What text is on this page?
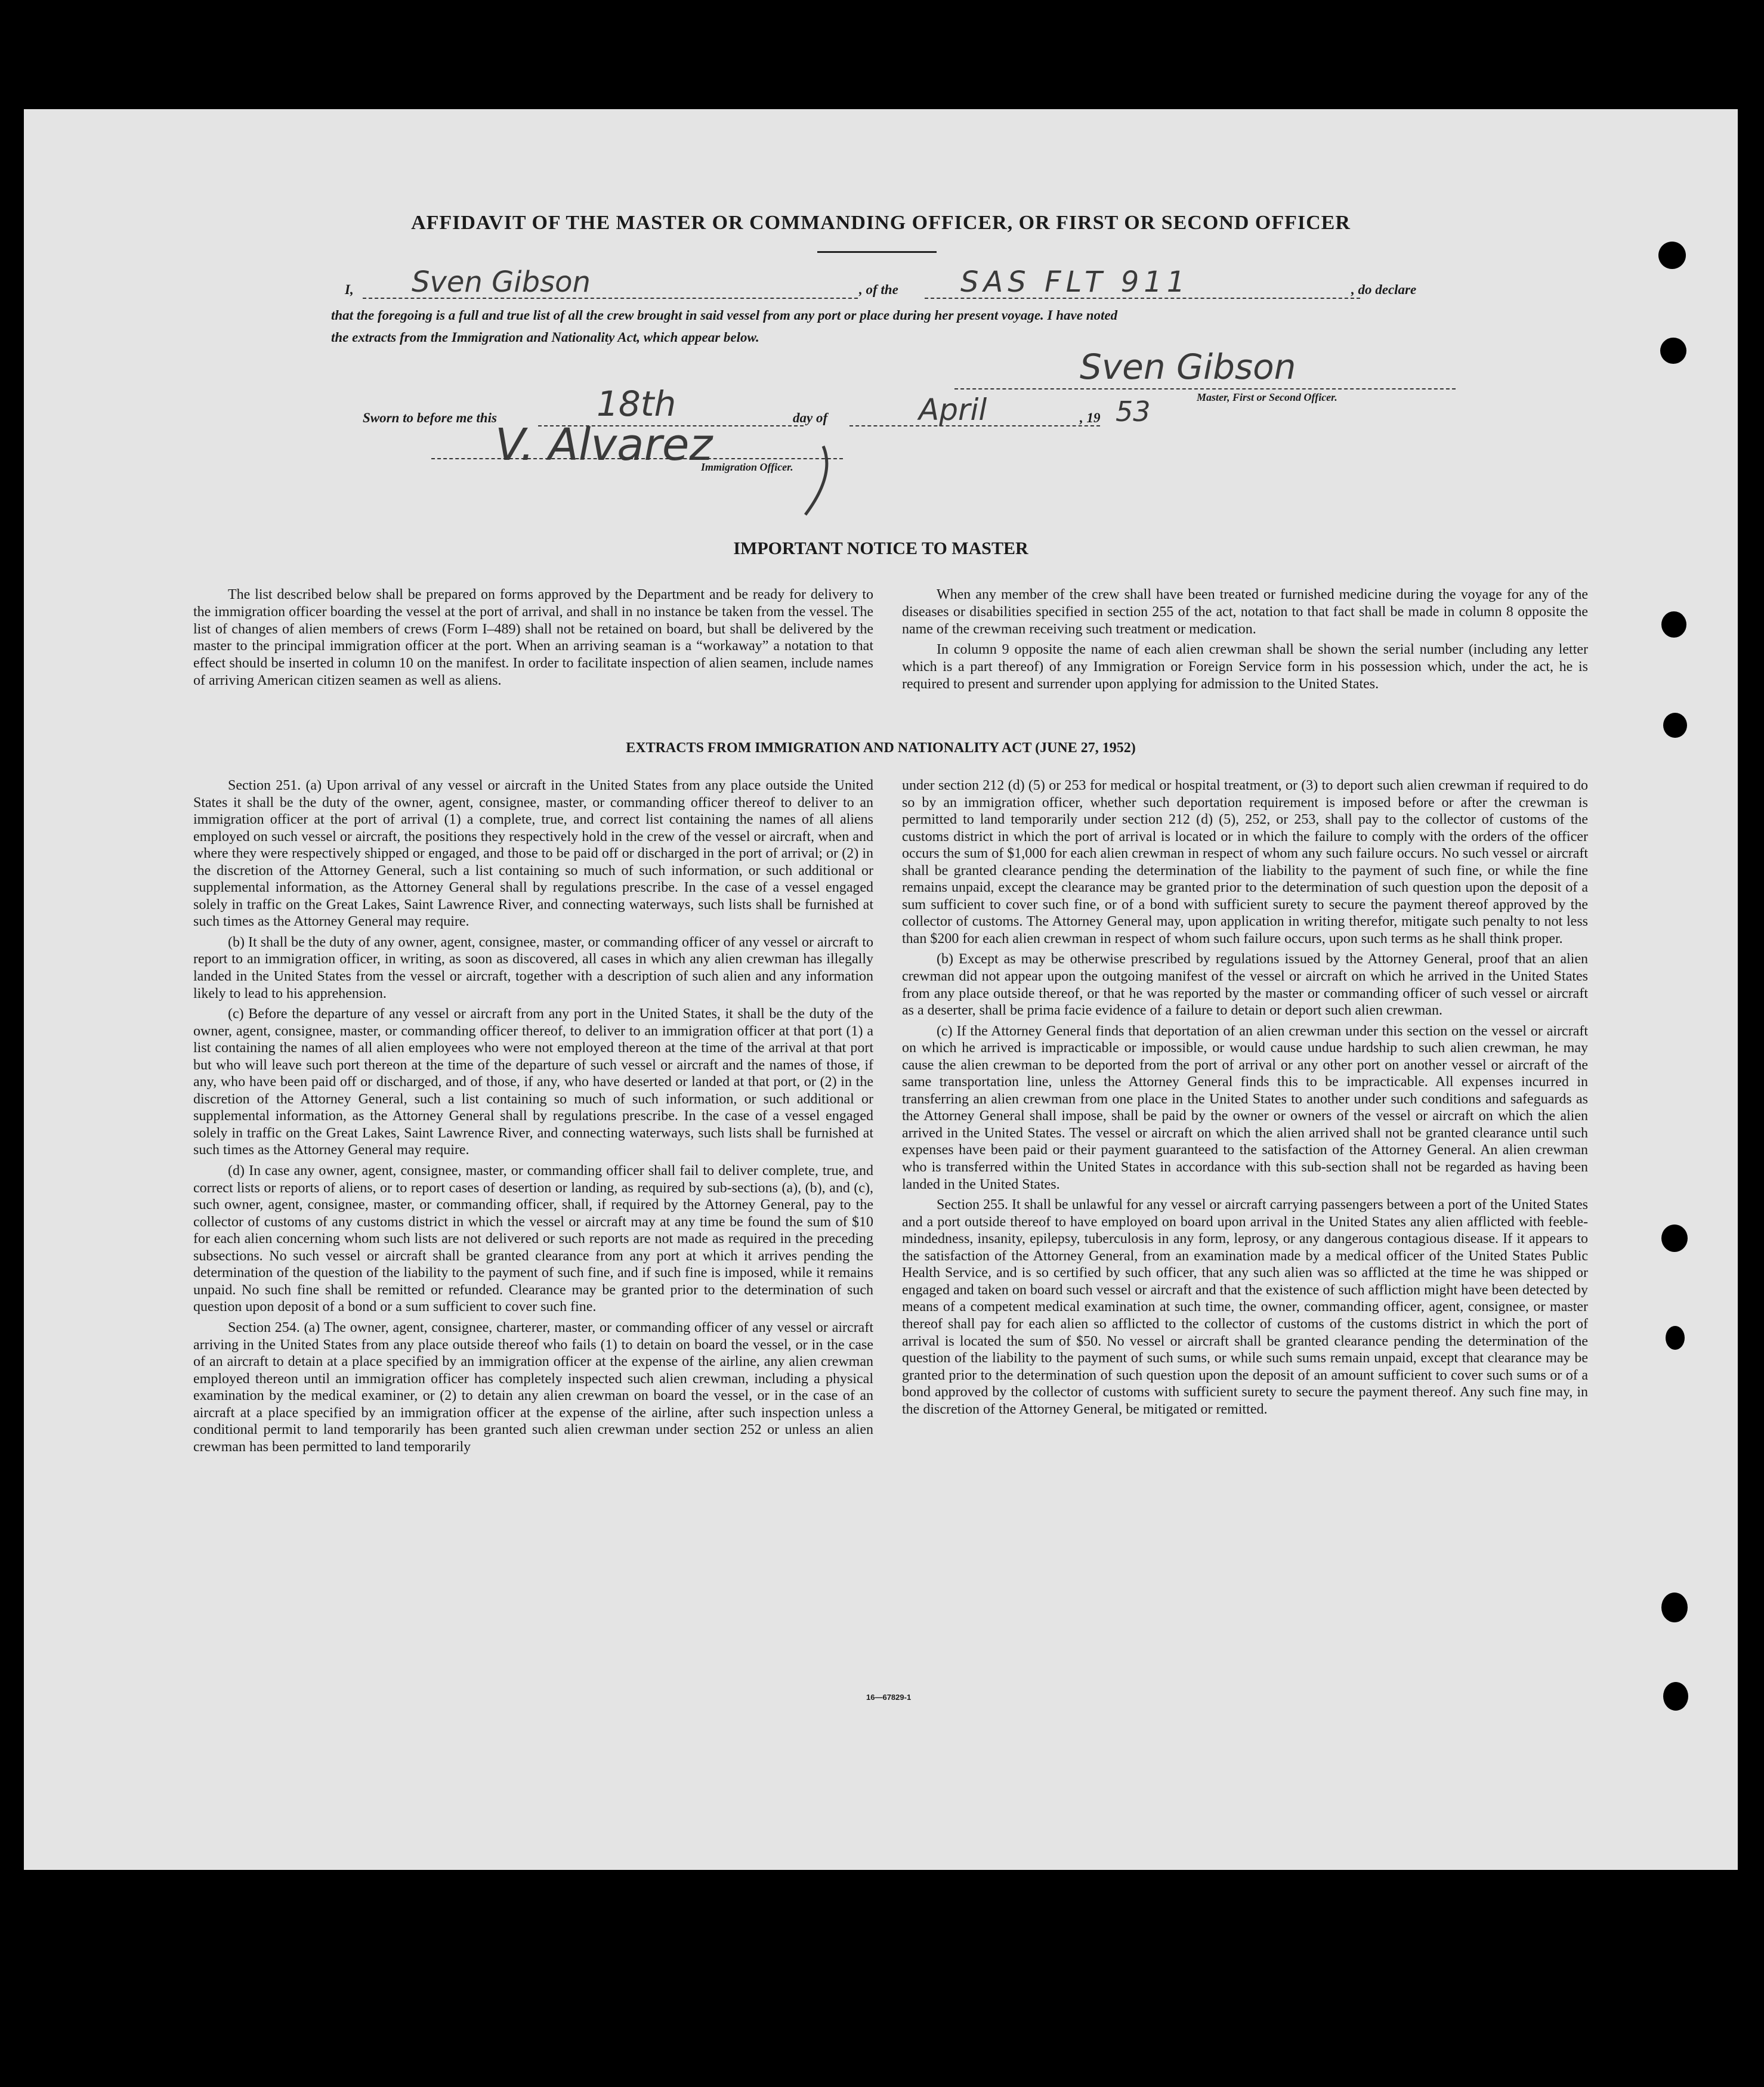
AFFIDAVIT OF THE MASTER OR COMMANDING OFFICER, OR FIRST OR SECOND OFFICER
I, Sven Gibson	, of the SAS FLT 911	, do declare
that the foregoing is a full and true list of all the crew brought in said vessel from any port or place during her present voyage. I have noted
the extracts from the Immigration and Nationality Act, which appear below.
Sven Gibson
Master, First or Second Officer.
Sworn to before me this	18th	day of	April	, 19 53
V. Alvarez
Immigration Officer.
IMPORTANT NOTICE TO MASTER

The list described below shall be prepared on forms approved by the Department and be ready for delivery to the immigration officer boarding the vessel at the port of arrival, and shall in no instance be taken from the vessel. The list of changes of alien members of crews (Form I–489) shall not be retained on board, but shall be delivered by the master to the principal immigration officer at the port. When an arriving seaman is a “workaway” a notation to that effect should be inserted in column 10 on the manifest. In order to facilitate inspection of alien seamen, include names of arriving American citizen seamen as well as aliens.

When any member of the crew shall have been treated or furnished medicine during the voyage for any of the diseases or disabilities specified in section 255 of the act, notation to that fact shall be made in column 8 opposite the name of the crewman receiving such treatment or medication.

In column 9 opposite the name of each alien crewman shall be shown the serial number (including any letter which is a part thereof) of any Immigration or Foreign Service form in his possession which, under the act, he is required to present and surrender upon applying for admission to the United States.

EXTRACTS FROM IMMIGRATION AND NATIONALITY ACT (JUNE 27, 1952)

Section 251. (a) Upon arrival of any vessel or aircraft in the United States from any place outside the United States it shall be the duty of the owner, agent, consignee, master, or commanding officer thereof to deliver to an immigration officer at the port of arrival (1) a complete, true, and correct list containing the names of all aliens employed on such vessel or aircraft, the positions they respectively hold in the crew of the vessel or aircraft, when and where they were respectively shipped or engaged, and those to be paid off or discharged in the port of arrival; or (2) in the discretion of the Attorney General, such a list containing so much of such information, or such additional or supplemental information, as the Attorney General shall by regulations prescribe. In the case of a vessel engaged solely in traffic on the Great Lakes, Saint Lawrence River, and connecting waterways, such lists shall be furnished at such times as the Attorney General may require.

(b) It shall be the duty of any owner, agent, consignee, master, or commanding officer of any vessel or aircraft to report to an immigration officer, in writing, as soon as discovered, all cases in which any alien crewman has illegally landed in the United States from the vessel or aircraft, together with a description of such alien and any information likely to lead to his apprehension.

(c) Before the departure of any vessel or aircraft from any port in the United States, it shall be the duty of the owner, agent, consignee, master, or commanding officer thereof, to deliver to an immigration officer at that port (1) a list containing the names of all alien employees who were not employed thereon at the time of the arrival at that port but who will leave such port thereon at the time of the departure of such vessel or aircraft and the names of those, if any, who have been paid off or discharged, and of those, if any, who have deserted or landed at that port, or (2) in the discretion of the Attorney General, such a list containing so much of such information, or such additional or supplemental information, as the Attorney General shall by regulations prescribe. In the case of a vessel engaged solely in traffic on the Great Lakes, Saint Lawrence River, and connecting waterways, such lists shall be furnished at such times as the Attorney General may require.

(d) In case any owner, agent, consignee, master, or commanding officer shall fail to deliver complete, true, and correct lists or reports of aliens, or to report cases of desertion or landing, as required by sub-sections (a), (b), and (c), such owner, agent, consignee, master, or commanding officer, shall, if required by the Attorney General, pay to the collector of customs of any customs district in which the vessel or aircraft may at any time be found the sum of $10 for each alien concerning whom such lists are not delivered or such reports are not made as required in the preceding subsections. No such vessel or aircraft shall be granted clearance from any port at which it arrives pending the determination of the question of the liability to the payment of such fine, and if such fine is imposed, while it remains unpaid. No such fine shall be remitted or refunded. Clearance may be granted prior to the determination of such question upon deposit of a bond or a sum sufficient to cover such fine.

Section 254. (a) The owner, agent, consignee, charterer, master, or commanding officer of any vessel or aircraft arriving in the United States from any place outside thereof who fails (1) to detain on board the vessel, or in the case of an aircraft to detain at a place specified by an immigration officer at the expense of the airline, any alien crewman employed thereon until an immigration officer has completely inspected such alien crewman, including a physical examination by the medical examiner, or (2) to detain any alien crewman on board the vessel, or in the case of an aircraft at a place specified by an immigration officer at the expense of the airline, after such inspection unless a conditional permit to land temporarily has been granted such alien crewman under section 252 or unless an alien crewman has been permitted to land temporarily

under section 212 (d) (5) or 253 for medical or hospital treatment, or (3) to deport such alien crewman if required to do so by an immigration officer, whether such deportation requirement is imposed before or after the crewman is permitted to land temporarily under section 212 (d) (5), 252, or 253, shall pay to the collector of customs of the customs district in which the port of arrival is located or in which the failure to comply with the orders of the officer occurs the sum of $1,000 for each alien crewman in respect of whom any such failure occurs. No such vessel or aircraft shall be granted clearance pending the determination of the liability to the payment of such fine, or while the fine remains unpaid, except the clearance may be granted prior to the determination of such question upon the deposit of a sum sufficient to cover such fine, or of a bond with sufficient surety to secure the payment thereof approved by the collector of customs. The Attorney General may, upon application in writing therefor, mitigate such penalty to not less than $200 for each alien crewman in respect of whom such failure occurs, upon such terms as he shall think proper.

(b) Except as may be otherwise prescribed by regulations issued by the Attorney General, proof that an alien crewman did not appear upon the outgoing manifest of the vessel or aircraft on which he arrived in the United States from any place outside thereof, or that he was reported by the master or commanding officer of such vessel or aircraft as a deserter, shall be prima facie evidence of a failure to detain or deport such alien crewman.

(c) If the Attorney General finds that deportation of an alien crewman under this section on the vessel or aircraft on which he arrived is impracticable or impossible, or would cause undue hardship to such alien crewman, he may cause the alien crewman to be deported from the port of arrival or any other port on another vessel or aircraft of the same transportation line, unless the Attorney General finds this to be impracticable. All expenses incurred in transferring an alien crewman from one place in the United States to another under such conditions and safeguards as the Attorney General shall impose, shall be paid by the owner or owners of the vessel or aircraft on which the alien arrived in the United States. The vessel or aircraft on which the alien arrived shall not be granted clearance until such expenses have been paid or their payment guaranteed to the satisfaction of the Attorney General. An alien crewman who is transferred within the United States in accordance with this sub-section shall not be regarded as having been landed in the United States.

Section 255. It shall be unlawful for any vessel or aircraft carrying passengers between a port of the United States and a port outside thereof to have employed on board upon arrival in the United States any alien afflicted with feeble-mindedness, insanity, epilepsy, tuberculosis in any form, leprosy, or any dangerous contagious disease. If it appears to the satisfaction of the Attorney General, from an examination made by a medical officer of the United States Public Health Service, and is so certified by such officer, that any such alien was so afflicted at the time he was shipped or engaged and taken on board such vessel or aircraft and that the existence of such affliction might have been detected by means of a competent medical examination at such time, the owner, commanding officer, agent, consignee, or master thereof shall pay for each alien so afflicted to the collector of customs of the customs district in which the port of arrival is located the sum of $50. No vessel or aircraft shall be granted clearance pending the determination of the question of the liability to the payment of such sums, or while such sums remain unpaid, except that clearance may be granted prior to the determination of such question upon the deposit of an amount sufficient to cover such sums or of a bond approved by the collector of customs with sufficient surety to secure the payment thereof. Any such fine may, in the discretion of the Attorney General, be mitigated or remitted.

16—67829-1
